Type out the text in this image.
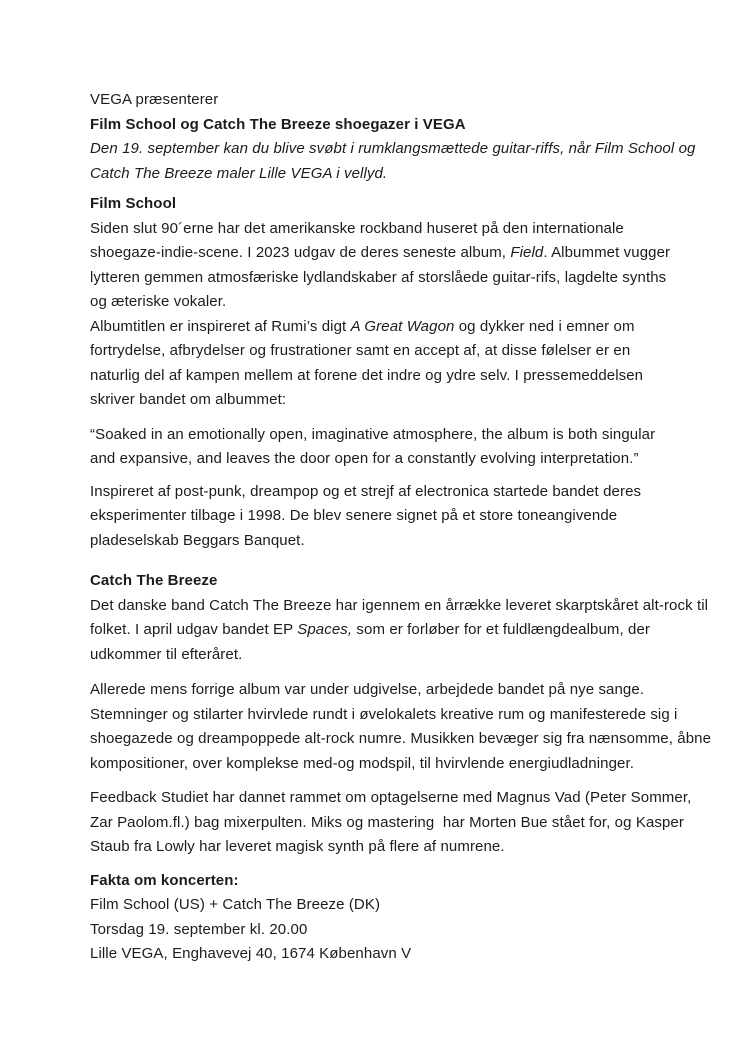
VEGA præsenterer
Film School og Catch The Breeze shoegazer i VEGA
Den 19. september kan du blive svøbt i rumklangsmættede guitar-riffs, når Film School og
Catch The Breeze maler Lille VEGA i vellyd.
Film School
Siden slut 90´erne har det amerikanske rockband huseret på den internationale
shoegaze-indie-scene. I 2023 udgav de deres seneste album, Field. Albummet vugger
lytteren gemmen atmosfæriske lydlandskaber af storslåede guitar-rifs, lagdelte synths
og æteriske vokaler.
Albumtitlen er inspireret af Rumi’s digt A Great Wagon og dykker ned i emner om
fortrydelse, afbrydelser og frustrationer samt en accept af, at disse følelser er en
naturlig del af kampen mellem at forene det indre og ydre selv. I pressemeddelsen
skriver bandet om albummet:
“Soaked in an emotionally open, imaginative atmosphere, the album is both singular
and expansive, and leaves the door open for a constantly evolving interpretation.”
Inspireret af post-punk, dreampop og et strejf af electronica startede bandet deres
eksperimenter tilbage i 1998. De blev senere signet på et store toneangivende
pladeselskab Beggars Banquet.
Catch The Breeze
Det danske band Catch The Breeze har igennem en årrække leveret skarptskåret alt-rock til
folket. I april udgav bandet EP Spaces, som er forløber for et fuldlængdealbum, der
udkommer til efteråret.
Allerede mens forrige album var under udgivelse, arbejdede bandet på nye sange.
Stemninger og stilarter hvirvlede rundt i øvelokalets kreative rum og manifesterede sig i
shoegazede og dreampoppede alt-rock numre. Musikken bevæger sig fra nænsomme, åbne
kompositioner, over komplekse med-og modspil, til hvirvlende energiudladninger.
Feedback Studiet har dannet rammet om optagelserne med Magnus Vad (Peter Sommer,
Zar Paolom.fl.) bag mixerpulten. Miks og mastering  har Morten Bue stået for, og Kasper
Staub fra Lowly har leveret magisk synth på flere af numrene.
Fakta om koncerten:
Film School (US) + Catch The Breeze (DK)
Torsdag 19. september kl. 20.00
Lille VEGA, Enghavevej 40, 1674 København V
